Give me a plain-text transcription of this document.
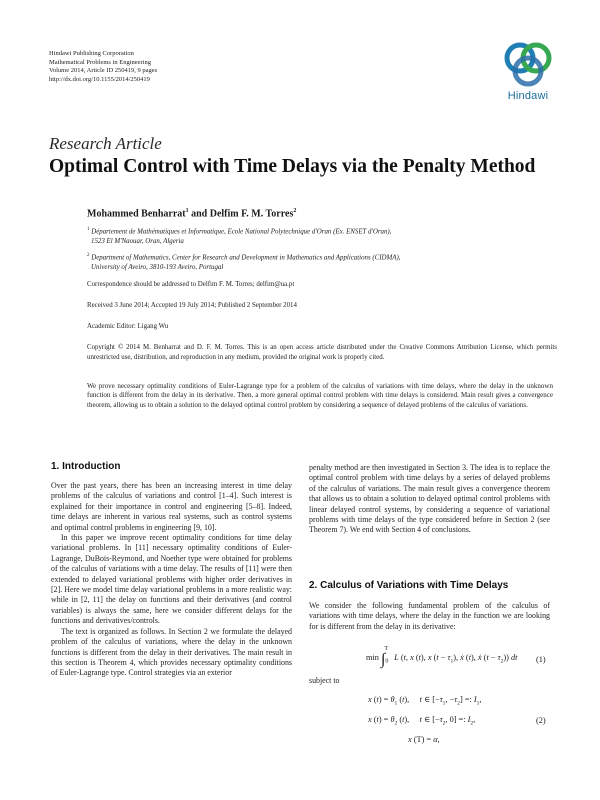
Hindawi Publishing Corporation
Mathematical Problems in Engineering
Volume 2014, Article ID 250419, 9 pages
http://dx.doi.org/10.1155/2014/250419
Hindawi
Research Article
Optimal Control with Time Delays via the Penalty Method
Mohammed Benharrat$^1$ and Delfim F. M. Torres$^2$
$^1$ Département de Mathématiques et Informatique, Ecole National Polytechnique d'Oran (Ex. ENSET d'Oran),
1523 El M'Naouar, Oran, Algeria
$^2$ Department of Mathematics, Center for Research and Development in Mathematics and Applications (CIDMA),
University of Aveiro, 3810-193 Aveiro, Portugal
Correspondence should be addressed to Delfim F. M. Torres; delfim@ua.pt
Received 3 June 2014; Accepted 19 July 2014; Published 2 September 2014
Academic Editor: Ligang Wu
Copyright © 2014 M. Benharrat and D. F. M. Torres. This is an open access article distributed under the Creative Commons Attribution License, which permits unrestricted use, distribution, and reproduction in any medium, provided the original work is properly cited.
We prove necessary optimality conditions of Euler-Lagrange type for a problem of the calculus of variations with time delays, where the delay in the unknown function is different from the delay in its derivative. Then, a more general optimal control problem with time delays is considered. Main result gives a convergence theorem, allowing us to obtain a solution to the delayed optimal control problem by considering a sequence of delayed problems of the calculus of variations.
1. Introduction

Over the past years, there has been an increasing interest in time delay problems of the calculus of variations and control [1–4]. Such interest is explained for their importance in control and engineering [5–8]. Indeed, time delays are inherent in various real systems, such as control systems and optimal control problems in engineering [9, 10].

In this paper we improve recent optimality conditions for time delay variational problems. In [11] necessary optimality conditions of Euler-Lagrange, DuBois-Reymond, and Noether type were obtained for problems of the calculus of variations with a time delay. The results of [11] were then extended to delayed variational problems with higher order derivatives in [2]. Here we model time delay variational problems in a more realistic way: while in [2, 11] the delay on functions and their derivatives (and control variables) is always the same, here we consider different delays for the functions and derivatives/controls.

The text is organized as follows. In Section 2 we formulate the delayed problem of the calculus of variations, where the delay in the unknown functions is different from the delay in their derivatives. The main result in this section is Theorem 4, which provides necessary optimality conditions of Euler-Lagrange type. Control strategies via an exterior

penalty method are then investigated in Section 3. The idea is to replace the optimal control problem with time delays by a series of delayed problems of the calculus of variations. The main result gives a convergence theorem that allows us to obtain a solution to delayed optimal control problems with linear delayed control systems, by considering a sequence of variational problems with time delays of the type considered before in Section 2 (see Theorem 7). We end with Section 4 of conclusions.
2. Calculus of Variations with Time Delays
We consider the following fundamental problem of the calculus of variations with time delays, where the delay in the function we are looking for is different from the delay in its derivative:
$\min \int_0^T$ L (t, x (t), x $(t - \tau_1)$, ẋ (t), ẋ $(t - \tau_2)$) dt (1)
subject to
x $(t) = \theta_1$ (t),     t ∈ [$-\tau_1$, $-\tau_2$] =: $I_1$,
x $(t) = \theta_2$ (t),     t ∈ [$-\tau_2$, 0] =: $I_2$,	(2)
x (T) = α,
